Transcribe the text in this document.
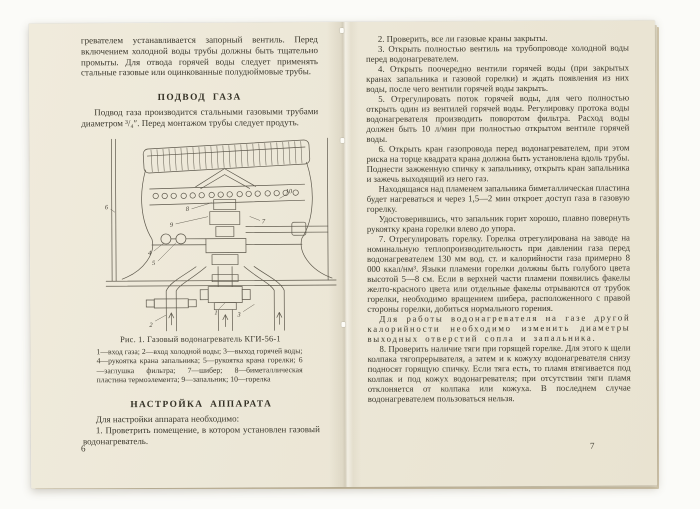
гревателем устанавливается запорный вентиль. Перед включением холодной воды трубы должны быть тщательно промыты. Для отвода горячей воды следует применять стальные газовые или оцинкованные полудюймовые трубы.
ПОДВОД ГАЗА
Подвод газа производится стальными газовыми трубами диаметром ³/₄″. Перед монтажом трубы следует продуть.
1
2
3
4
5
6
7
8
9
10
Рис. 1. Газовый водонагреватель КГИ-56-1
1—вход газа; 2—вход холодной воды; 3—выход горячей воды; 4—рукоятка крана запальника; 5—рукоятка крана горелки; 6—заглушка фильтра; 7—шибер; 8—биметаллическая пластина термоэлемента; 9—запальник; 10—горелка
НАСТРОЙКА АППАРАТА

Для настройки аппарата необходимо:

1. Проветрить помещение, в котором установлен газовый водонагреватель.

6

2. Проверить, все ли газовые краны закрыты.

3. Открыть полностью вентиль на трубопроводе холодной воды перед водонагревателем.

4. Открыть поочередно вентили горячей воды (при закрытых кранах запальника и газовой горелки) и ждать появления из них воды, после чего вентили горячей воды закрыть.

5. Отрегулировать поток горячей воды, для чего полностью открыть один из вентилей горячей воды. Регулировку протока воды водонагревателя производить поворотом фильтра. Расход воды должен быть 10 л/мин при полностью открытом вентиле горячей воды.

6. Открыть кран газопровода перед водонагревателем, при этом риска на торце квадрата крана должна быть установлена вдоль трубы. Поднести зажженную спичку к запальнику, открыть кран запальника и зажечь выходящий из него газ.

Находящаяся над пламенем запальника биметаллическая пластина будет нагреваться и через 1,5—2 мин откроет доступ газа в газовую горелку.

Удостоверившись, что запальник горит хорошо, плавно повернуть рукоятку крана горелки влево до упора.

7. Отрегулировать горелку. Горелка отрегулирована на заводе на номинальную теплопроизводительность при давлении газа перед водонагревателем 130 мм вод. ст. и калорийности газа примерно 8 000 ккал/нм³. Языки пламени горелки должны быть голубого цвета высотой 5—8 см. Если в верхней части пламени появились факелы желто-красного цвета или отдельные факелы отрываются от трубок горелки, необходимо вращением шибера, расположенного с правой стороны горелки, добиться нормального горения.

Для работы водонагревателя на газе другой калорийности необходимо изменить диаметры выходных отверстий сопла и запальника.

8. Проверить наличие тяги при горящей горелке. Для этого к щели колпака тягопрерывателя, а затем и к кожуху водонагревателя снизу подносят горящую спичку. Если тяга есть, то пламя втягивается под колпак и под кожух водонагревателя; при отсутствии тяги пламя отклоняется от колпака или кожуха. В последнем случае водонагревателем пользоваться нельзя.

7
